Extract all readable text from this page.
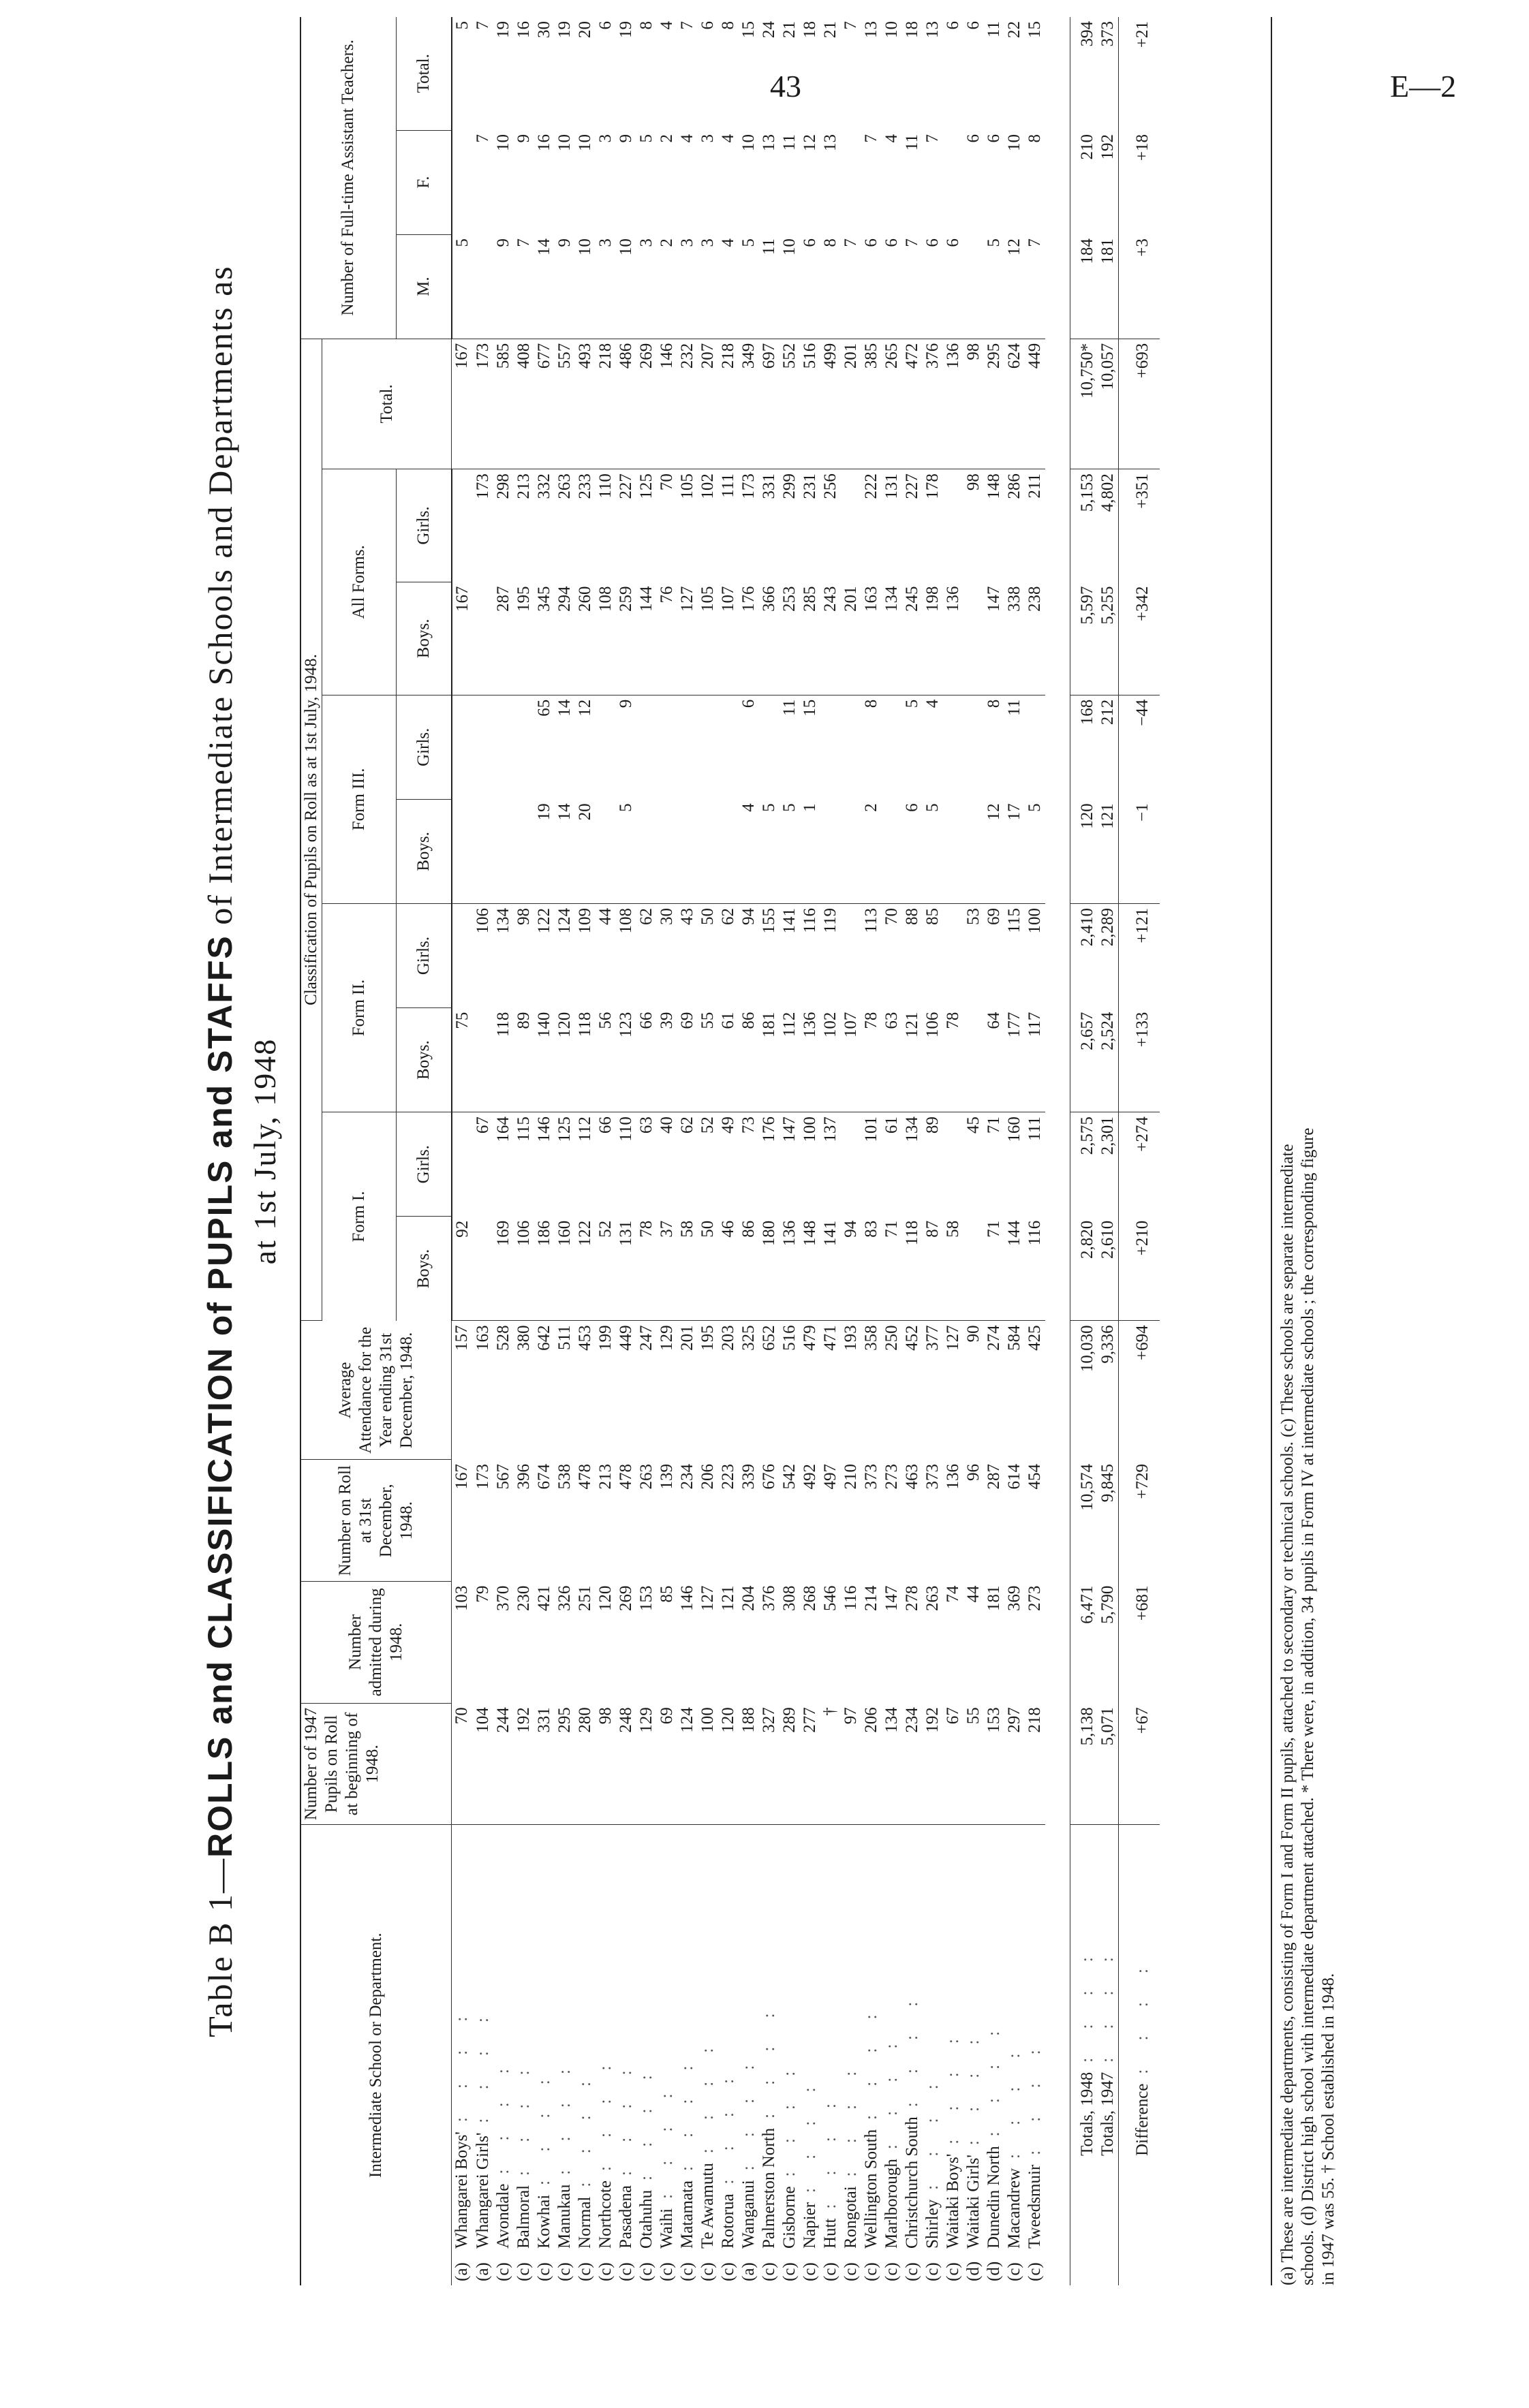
43	E—2
Table B 1—ROLLS and CLASSIFICATION of PUPILS and STAFFS of Intermediate Schools and Departments as
at 1st July, 1948
Intermediate School or Department.	Number of 1947 Pupils on Roll at beginning of 1948.	Number admitted during 1948.	Number on Roll at 31st December, 1948.	Average Attendance for the Year ending 31st December, 1948.	Classification of Pupils on Roll as at 1st July, 1948.									Number of Full-time Assistant Teachers.		
					Form I.		Form II.		Form III.		All Forms.		Total.			
					Boys.	Girls.	Boys.	Girls.	Boys.	Girls.	Boys.	Girls.		M.	F.	Total.
(a)Whangarei Boys': : : :	70	103	167	157	92		75				167		167	5		5
(a)Whangarei Girls': : : :	104	79	173	163		67		106				173	173		7	7
(c)Avondale: : : :	244	370	567	528	169	164	118	134			287	298	585	9	10	19
(c)Balmoral: : : :	192	230	396	380	106	115	89	98			195	213	408	7	9	16
(c)Kowhai: : : :	331	421	674	642	186	146	140	122	19	65	345	332	677	14	16	30
(c)Manukau: : : :	295	326	538	511	160	125	120	124	14	14	294	263	557	9	10	19
(c)Normal: : : :	280	251	478	453	122	112	118	109	20	12	260	233	493	10	10	20
(c)Northcote: : : :	98	120	213	199	52	66	56	44			108	110	218	3	3	6
(c)Pasadena: : : :	248	269	478	449	131	110	123	108	5	9	259	227	486	10	9	19
(c)Otahuhu: : : :	129	153	263	247	78	63	66	62			144	125	269	3	5	8
(c)Waihi: : : :	69	85	139	129	37	40	39	30			76	70	146	2	2	4
(c)Matamata: : : :	124	146	234	201	58	62	69	43			127	105	232	3	4	7
(c)Te Awamutu: : : :	100	127	206	195	50	52	55	50			105	102	207	3	3	6
(c)Rotorua: : : :	120	121	223	203	46	49	61	62			107	111	218	4	4	8
(a)Wanganui: : : :	188	204	339	325	86	73	86	94	4	6	176	173	349	5	10	15
(c)Palmerston North: : : :	327	376	676	652	180	176	181	155	5		366	331	697	11	13	24
(c)Gisborne: : : :	289	308	542	516	136	147	112	141	5	11	253	299	552	10	11	21
(c)Napier: : : :	277	268	492	479	148	100	136	116	1	15	285	231	516	6	12	18
(c)Hutt: : : :	†	546	497	471	141	137	102	119			243	256	499	8	13	21
(c)Rongotai: : : :	97	116	210	193	94		107				201		201	7		7
(c)Wellington South: : : :	206	214	373	358	83	101	78	113	2	8	163	222	385	6	7	13
(c)Marlborough: : : :	134	147	273	250	71	61	63	70			134	131	265	6	4	10
(c)Christchurch South: : : :	234	278	463	452	118	134	121	88	6	5	245	227	472	7	11	18
(c)Shirley: : : :	192	263	373	377	87	89	106	85	5	4	198	178	376	6	7	13
(c)Waitaki Boys': : : :	67	74	136	127	58		78				136		136	6		6
(d)Waitaki Girls': : : :	55	44	96	90		45		53				98	98		6	6
(d)Dunedin North: : : :	153	181	287	274	71	71	64	69	12	8	147	148	295	5	6	11
(c)Macandrew: : : :	297	369	614	584	144	160	177	115	17	11	338	286	624	12	10	22
(c)Tweedsmuir: : : :	218	273	454	425	116	111	117	100	5		238	211	449	7	8	15

Totals, 1948: : : :	5,138	6,471	10,574	10,030	2,820	2,575	2,657	2,410	120	168	5,597	5,153	10,750*	184	210	394
Totals, 1947: : : :	5,071	5,790	9,845	9,336	2,610	2,301	2,524	2,289	121	212	5,255	4,802	10,057	181	192	373
Difference: : : :	+67	+681	+729	+694	+210	+274	+133	+121	−1	−44	+342	+351	+693	+3	+18	+21
(a) These are intermediate departments, consisting of Form I and Form II pupils, attached to secondary or technical schools. (c) These schools are separate intermediate schools. (d) District high school with intermediate department attached. * There were, in addition, 34 pupils in Form IV at intermediate schools ; the corresponding figure in 1947 was 55. † School established in 1948.
